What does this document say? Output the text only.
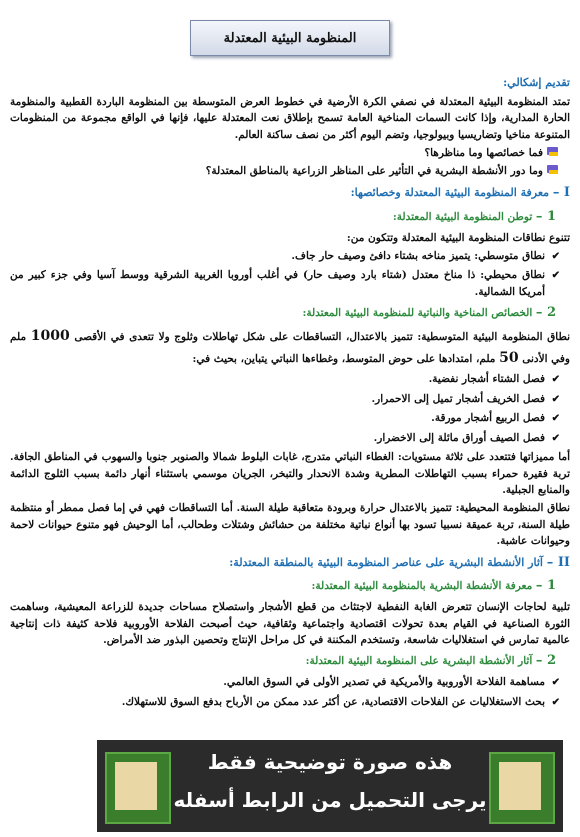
المنظومة البيئية المعتدلة
تقديم إشكالي:

تمتد المنظومة البيئية المعتدلة في نصفي الكرة الأرضية في خطوط العرض المتوسطة بين المنظومة الباردة القطبية والمنظومة الحارة المدارية، وإذا كانت السمات المناخية العامة تسمح بإطلاق نعت المعتدلة عليها، فإنها في الواقع مجموعة من المنظومات المتنوعة مناخيا وتضاريسيا وبيولوجيا، وتضم اليوم أكثر من نصف ساكنة العالم.

فما خصائصها وما مناظرها؟
وما دور الأنشطة البشرية في التأثير على المناظر الزراعية بالمناطق المعتدلة؟
I – معرفة المنظومة البيئية المعتدلة وخصائصها:
1 – توطن المنظومة البيئية المعتدلة:

تتنوع نطاقات المنظومة البيئية المعتدلة وتتكون من:

✔
نطاق متوسطي: يتميز مناخه بشتاء دافئ وصيف حار جاف.
✔
نطاق محيطي: ذا مناخ معتدل (شتاء بارد وصيف حار) في أغلب أوروبا الغربية الشرقية ووسط آسيا وفي جزء كبير من أمريكا الشمالية.
2 – الخصائص المناخية والنباتية للمنظومة البيئية المعتدلة:

نطاق المنظومة البيئية المتوسطية: تتميز بالاعتدال، التساقطات على شكل تهاطلات وثلوج ولا تتعدى في الأقصى 1000 ملم وفي الأدنى 50 ملم، امتدادها على حوض المتوسط، وغطاءها النباتي يتباين، بحيث في:

✔
فصل الشتاء أشجار نفضية.
✔
فصل الخريف أشجار تميل إلى الاحمرار.
✔
فصل الربيع أشجار مورقة.
✔
فصل الصيف أوراق مائلة إلى الاخضرار.

أما مميزاتها فتتعدد على ثلاثة مستويات: الغطاء النباتي متدرج، غابات البلوط شمالا والصنوبر جنوبا والسهوب في المناطق الجافة. تربة فقيرة حمراء بسبب التهاطلات المطرية وشدة الانحدار والتبخر، الجريان موسمي باستثناء أنهار دائمة بسبب الثلوج الدائمة والمنابع الجبلية.

نطاق المنظومة المحيطية: تتميز بالاعتدال حرارة وبرودة متعاقبة طيلة السنة. أما التساقطات فهي في إما فصل ممطر أو منتظمة طيلة السنة، تربة عميقة نسبيا تسود بها أنواع نباتية مختلفة من حشائش وشتلات وطحالب، أما الوحيش فهو متنوع حيوانات لاحمة وحيوانات عاشبة.

II – آثار الأنشطة البشرية على عناصر المنظومة البيئية بالمنطقة المعتدلة:
1 – معرفة الأنشطة البشرية بالمنظومة البيئية المعتدلة:

تلبية لحاجات الإنسان تتعرض الغابة النفطية لاجتثاث من قطع الأشجار واستصلاح مساحات جديدة للزراعة المعيشية، وساهمت الثورة الصناعية في القيام بعدة تحولات اقتصادية واجتماعية وثقافية، حيث أصبحت الفلاحة الأوروبية فلاحة كثيفة ذات إنتاجية عالمية تمارس في استغلاليات شاسعة، وتستخدم المكننة في كل مراحل الإنتاج وتحصين البذور ضد الأمراض.

2 – آثار الأنشطة البشرية على المنظومة البيئية المعتدلة:
✔
مساهمة الفلاحة الأوروبية والأمريكية في تصدير الأولى في السوق العالمي.
✔
بحث الاستغلاليات عن الفلاحات الاقتصادية، عن أكثر عدد ممكن من الأرباح بدفع السوق للاستهلاك.
هذه صورة توضيحية فقط
يرجى التحميل من الرابط أسفله
